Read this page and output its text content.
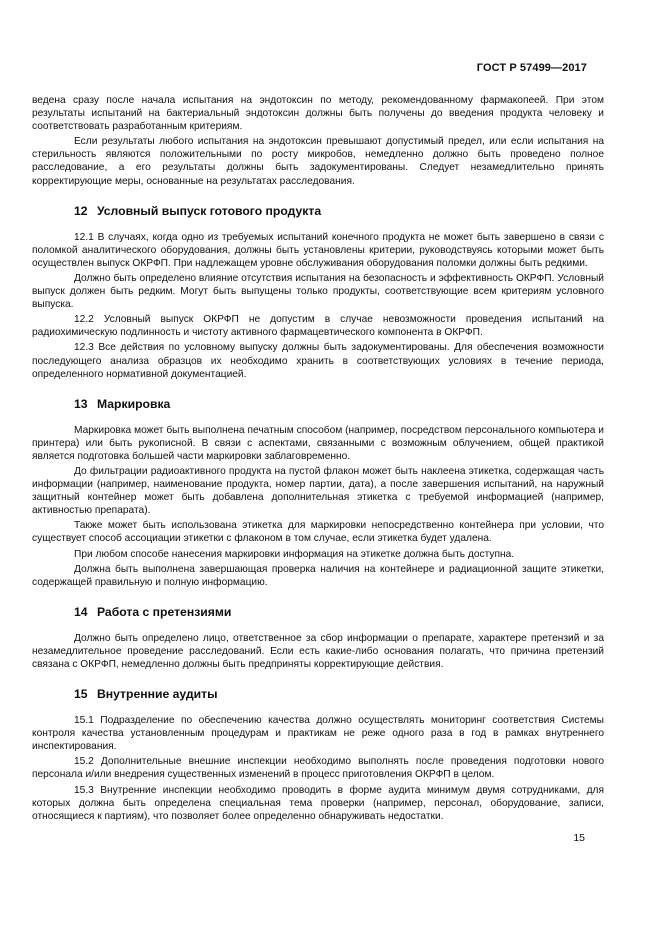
ГОСТ Р 57499—2017

ведена сразу после начала испытания на эндотоксин по методу, рекомендованному фармакопеей. При этом результаты испытаний на бактериальный эндотоксин должны быть получены до введения продукта человеку и соответствовать разработанным критериям.

Если результаты любого испытания на эндотоксин превышают допустимый предел, или если испытания на стерильность являются положительными по росту микробов, немедленно должно быть проведено полное расследование, а его результаты должны быть задокументированы. Следует незамедлительно принять корректирующие меры, основанные на результатах расследования.

12 Условный выпуск готового продукта

12.1 В случаях, когда одно из требуемых испытаний конечного продукта не может быть завершено в связи с поломкой аналитического оборудования, должны быть установлены критерии, руководствуясь которыми может быть осуществлен выпуск ОКРФП. При надлежащем уровне обслуживания оборудования поломки должны быть редкими.

Должно быть определено влияние отсутствия испытания на безопасность и эффективность ОКРФП. Условный выпуск должен быть редким. Могут быть выпущены только продукты, соответствующие всем критериям условного выпуска.

12.2 Условный выпуск ОКРФП не допустим в случае невозможности проведения испытаний на радиохимическую подлинность и чистоту активного фармацевтического компонента в ОКРФП.

12.3 Все действия по условному выпуску должны быть задокументированы. Для обеспечения возможности последующего анализа образцов их необходимо хранить в соответствующих условиях в течение периода, определенного нормативной документацией.

13 Маркировка

Маркировка может быть выполнена печатным способом (например, посредством персонального компьютера и принтера) или быть рукописной. В связи с аспектами, связанными с возможным облучением, общей практикой является подготовка большей части маркировки заблаговременно.

До фильтрации радиоактивного продукта на пустой флакон может быть наклеена этикетка, содержащая часть информации (например, наименование продукта, номер партии, дата), а после завершения испытаний, на наружный защитный контейнер может быть добавлена дополнительная этикетка с требуемой информацией (например, активностью препарата).

Также может быть использована этикетка для маркировки непосредственно контейнера при условии, что существует способ ассоциации этикетки с флаконом в том случае, если этикетка будет удалена.

При любом способе нанесения маркировки информация на этикетке должна быть доступна.

Должна быть выполнена завершающая проверка наличия на контейнере и радиационной защите этикетки, содержащей правильную и полную информацию.

14 Работа с претензиями

Должно быть определено лицо, ответственное за сбор информации о препарате, характере претензий и за незамедлительное проведение расследований. Если есть какие-либо основания полагать, что причина претензий связана с ОКРФП, немедленно должны быть предприняты корректирующие действия.

15 Внутренние аудиты

15.1 Подразделение по обеспечению качества должно осуществлять мониторинг соответствия Системы контроля качества установленным процедурам и практикам не реже одного раза в год в рамках внутреннего инспектирования.

15.2 Дополнительные внешние инспекции необходимо выполнять после проведения подготовки нового персонала и/или внедрения существенных изменений в процесс приготовления ОКРФП в целом.

15.3 Внутренние инспекции необходимо проводить в форме аудита минимум двумя сотрудниками, для которых должна быть определена специальная тема проверки (например, персонал, оборудование, записи, относящиеся к партиям), что позволяет более определенно обнаруживать недостатки.

15
